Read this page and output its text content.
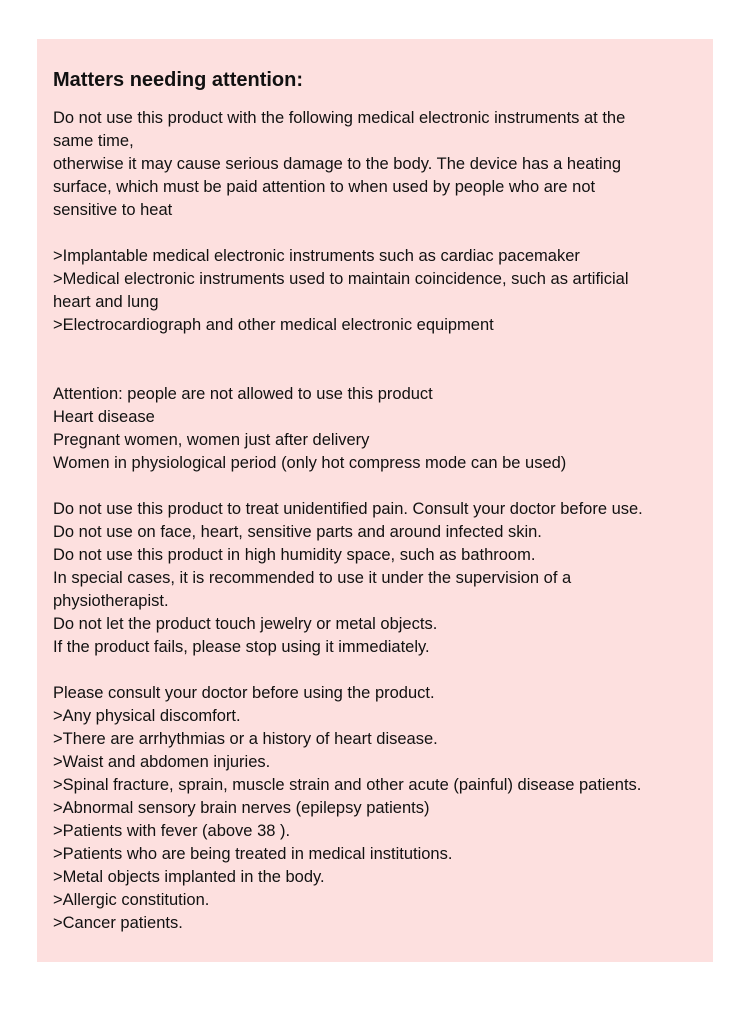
Matters needing attention:

Do not use this product with the following medical electronic instruments at the

same time,

otherwise it may cause serious damage to the body. The device has a heating

surface, which must be paid attention to when used by people who are not

sensitive to heat

>Implantable medical electronic instruments such as cardiac pacemaker

>Medical electronic instruments used to maintain coincidence, such as artificial

heart and lung

>Electrocardiograph and other medical electronic equipment

Attention: people are not allowed to use this product

Heart disease

Pregnant women, women just after delivery

Women in physiological period (only hot compress mode can be used)

Do not use this product to treat unidentified pain. Consult your doctor before use.

Do not use on face, heart, sensitive parts and around infected skin.

Do not use this product in high humidity space, such as bathroom.

In special cases, it is recommended to use it under the supervision of a

physiotherapist.

Do not let the product touch jewelry or metal objects.

If the product fails, please stop using it immediately.

Please consult your doctor before using the product.

>Any physical discomfort.

>There are arrhythmias or a history of heart disease.

>Waist and abdomen injuries.

>Spinal fracture, sprain, muscle strain and other acute (painful) disease patients.

>Abnormal sensory brain nerves (epilepsy patients)

>Patients with fever (above 38 ).

>Patients who are being treated in medical institutions.

>Metal objects implanted in the body.

>Allergic constitution.

>Cancer patients.
